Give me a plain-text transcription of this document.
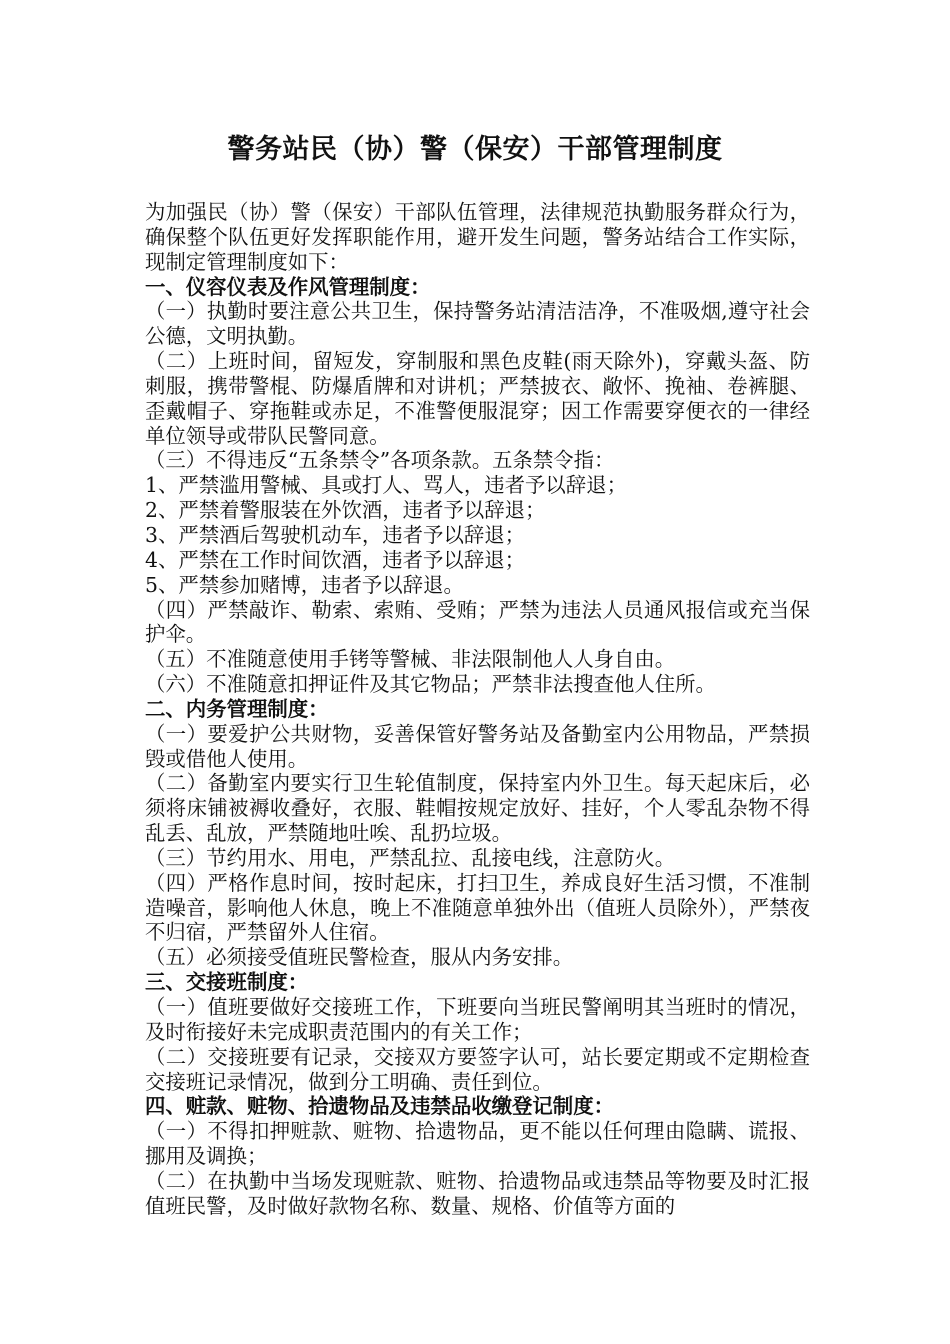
警务站民（协）警（保安）干部管理制度

为加强民（协）警（保安）干部队伍管理，法律规范执勤服务群众行为，确保整个队伍更好发挥职能作用，避开发生问题，警务站结合工作实际，现制定管理制度如下：

一、仪容仪表及作风管理制度：

（一）执勤时要注意公共卫生，保持警务站清洁洁净，不准吸烟,遵守社会公德，文明执勤。

（二）上班时间，留短发，穿制服和黑色皮鞋(雨天除外)，穿戴头盔、防刺服，携带警棍、防爆盾牌和对讲机；严禁披衣、敞怀、挽袖、卷裤腿、歪戴帽子、穿拖鞋或赤足，不准警便服混穿；因工作需要穿便衣的一律经单位领导或带队民警同意。

（三）不得违反“五条禁令”各项条款。五条禁令指：

1、严禁滥用警械、具或打人、骂人，违者予以辞退；

2、严禁着警服装在外饮酒，违者予以辞退；

3、严禁酒后驾驶机动车，违者予以辞退；

4、严禁在工作时间饮酒，违者予以辞退；

5、严禁参加赌博，违者予以辞退。

（四）严禁敲诈、勒索、索贿、受贿；严禁为违法人员通风报信或充当保护伞。

（五）不准随意使用手铐等警械、非法限制他人人身自由。

（六）不准随意扣押证件及其它物品；严禁非法搜查他人住所。

二、内务管理制度：

（一）要爱护公共财物，妥善保管好警务站及备勤室内公用物品，严禁损毁或借他人使用。

（二）备勤室内要实行卫生轮值制度，保持室内外卫生。每天起床后，必须将床铺被褥收叠好，衣服、鞋帽按规定放好、挂好，个人零乱杂物不得乱丢、乱放，严禁随地吐唉、乱扔垃圾。

（三）节约用水、用电，严禁乱拉、乱接电线，注意防火。

（四）严格作息时间，按时起床，打扫卫生，养成良好生活习惯，不准制造噪音，影响他人休息，晚上不准随意单独外出（值班人员除外），严禁夜不归宿，严禁留外人住宿。

（五）必须接受值班民警检查，服从内务安排。

三、交接班制度：

（一）值班要做好交接班工作，下班要向当班民警阐明其当班时的情况，及时衔接好未完成职责范围内的有关工作；

（二）交接班要有记录，交接双方要签字认可，站长要定期或不定期检查交接班记录情况，做到分工明确、责任到位。

四、赃款、赃物、拾遗物品及违禁品收缴登记制度：

（一）不得扣押赃款、赃物、拾遗物品，更不能以任何理由隐瞒、谎报、挪用及调换；

（二）在执勤中当场发现赃款、赃物、拾遗物品或违禁品等物要及时汇报值班民警，及时做好款物名称、数量、规格、价值等方面的
